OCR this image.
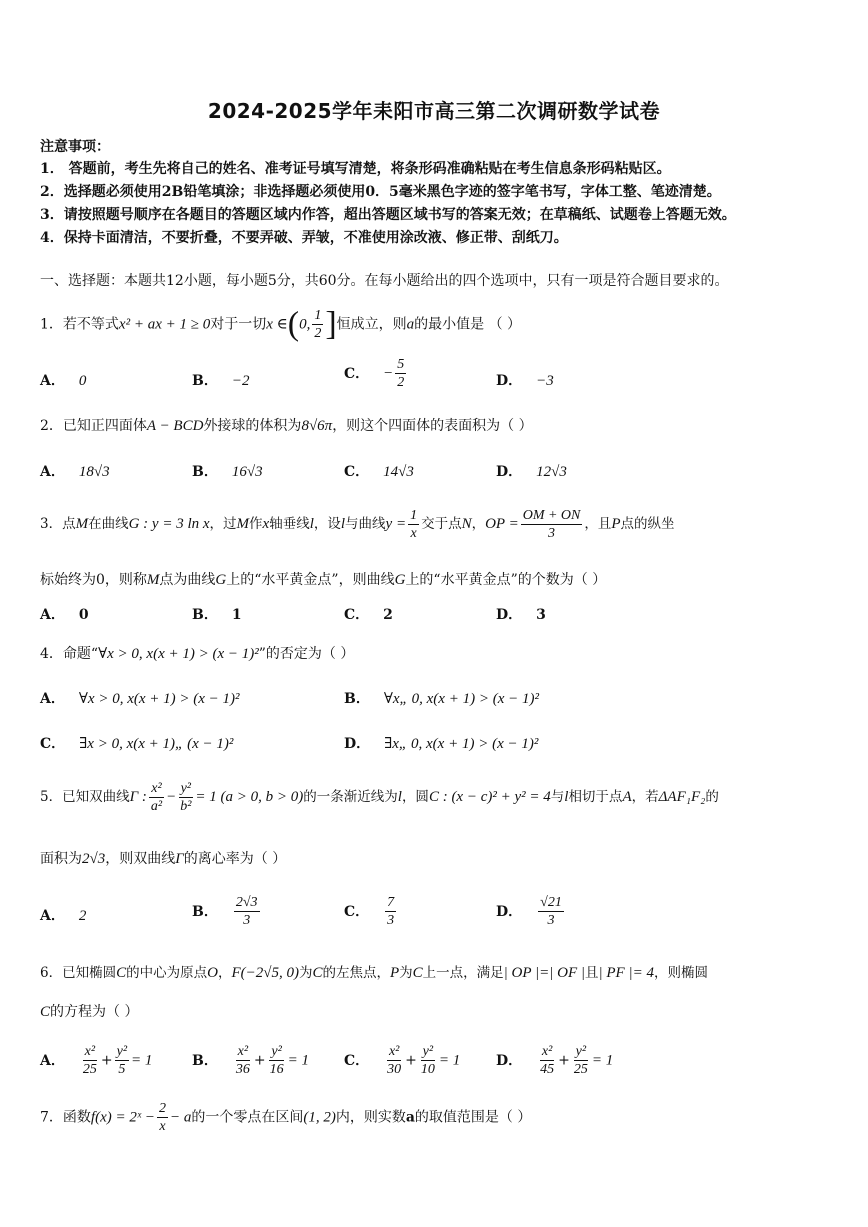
2024-2025学年耒阳市高三第二次调研数学试卷
注意事项：
1． 答题前，考生先将自己的姓名、准考证号填写清楚，将条形码准确粘贴在考生信息条形码粘贴区。
2．选择题必须使用2B铅笔填涂；非选择题必须使用0．5毫米黑色字迹的签字笔书写，字体工整、笔迹清楚。
3．请按照题号顺序在各题目的答题区域内作答，超出答题区域书写的答案无效；在草稿纸、试题卷上答题无效。
4．保持卡面清洁，不要折叠，不要弄破、弄皱，不准使用涂改液、修正带、刮纸刀。
一、选择题：本题共12小题，每小题5分，共60分。在每小题给出的四个选项中，只有一项是符合题目要求的。
1．若不等式x² + ax + 1 ≥ 0对于一切x ∈(0, $\frac{1}{2}$ ]恒成立，则a的最小值是 （ ）
A． 0	B． −2	C． − $\frac{5}{2}$	D． −3
2．已知正四面体A − BCD外接球的体积为8√6π，则这个四面体的表面积为（ ）
A． 18√3	B． 16√3	C． 14√3	D． 12√3
3．点M在曲线G : y = 3 ln x，过M作x轴垂线l，设l与曲线$y = \frac{1}{x}$ 交于点N，OP = $\frac{OM + ON}{3}$ ，且P点的纵坐
标始终为0，则称M点为曲线G上的“水平黄金点”，则曲线G上的“水平黄金点”的个数为（ ）
A． 0	B． 1	C． 2	D． 3
4．命题“∀x > 0, x(x + 1) > (x − 1)²”的否定为（ ）
A． ∀x > 0, x(x + 1) > (x − 1)²	B． ∀x„ 0, x(x + 1) > (x − 1)²
C． ∃x > 0, x(x + 1)„ (x − 1)²	D． ∃x„ 0, x(x + 1) > (x − 1)²
5．已知双曲线Γ : $\frac{\text{x²}}{\text{a²}} - \frac{\text{y²}}{\text{b²}} = 1$ (a > 0, b > 0)的一条渐近线为l，圆C : (x − c)² + y² = 4与l相切于点A，若ΔAF₁F₂的
面积为2√3，则双曲线Γ的离心率为（ ）
A． 2	B． $\frac{2√3}{3}$	C． $\frac{7}{3}$	D． $\frac{√21}{3}$
6．已知椭圆C的中心为原点O，F(−2√5, 0)为C的左焦点，P为C上一点，满足| OP |=| OF |且| PF |= 4，则椭圆
C的方程为（ ）
A． $\frac{\text{x²}}{25} + \frac{\text{y²}}{5} = 1$	B． $\frac{\text{x²}}{36} + \frac{\text{y²}}{16} = 1$	C． $\frac{\text{x²}}{30} + \frac{\text{y²}}{10} = 1$	D． $\frac{\text{x²}}{45} + \frac{\text{y²}}{25} = 1$
7．函数f(x) = 2ˣ − $\frac{2}{x} - a$的一个零点在区间(1, 2)内，则实数a的取值范围是（ ）
